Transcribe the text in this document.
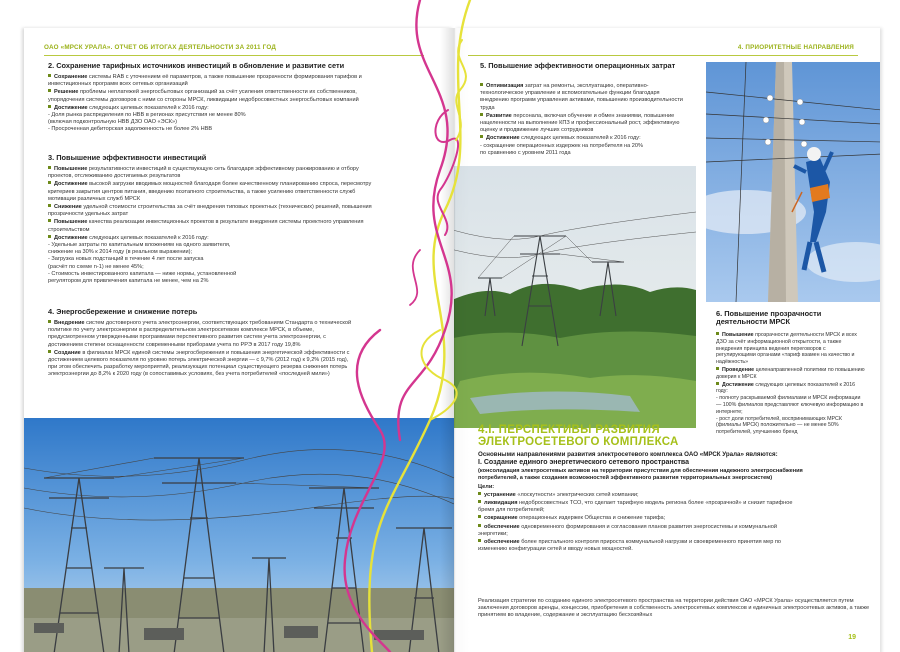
ОАО «МРСК УРАЛА». ОТЧЕТ ОБ ИТОГАХ ДЕЯТЕЛЬНОСТИ ЗА 2011 ГОД
2. Сохранение тарифных источников инвестиций в обновление и развитие сети

Сохранение системы RAB с уточнением её параметров, а также повышение прозрачности формирования тарифов и инвестиционных программ всех сетевых организаций

Решение проблемы неплатежей энергосбытовых организаций за счёт усиления ответственности их собственников, упорядочения системы договоров с ними со стороны МРСК, ликвидации недобросовестных энергосбытовых компаний

Достижение следующих целевых показателей к 2016 году:
- Доля рынка распределения по НВВ в регионах присутствия не менее 80%
(включая подконтрольную НВВ ДЗО ОАО «ЭСК»)
- Просроченная дебиторская задолженность не более 2% НВВ

3. Повышение эффективности инвестиций

Повышение результативности инвестиций в существующую сеть благодаря эффективному ранжированию и отбору проектов, отслеживанию достигаемых результатов

Достижение высокой загрузки вводимых мощностей благодаря более качественному планированию спроса, пересмотру критериев закрытия центров питания, введению поэтапного строительства, а также усилению ответственности служб мотивации различных служб МРСК

Снижение удельной стоимости строительства за счёт внедрения типовых проектных (технических) решений, повышения прозрачности удельных затрат

Повышение качества реализации инвестиционных проектов в результате внедрения системы проектного управления строительством

Достижение следующих целевых показателей к 2016 году:
- Удельные затраты по капитальным вложениям на одного заявителя,
снижение на 30% к 2014 году (в реальном выражении);
- Загрузка новых подстанций в течение 4 лет после запуска
(расчёт по схеме n-1) не менее 45%;
- Стоимость инвестированного капитала — ниже нормы, установленной
регулятором для привлечения капитала не менее, чем на 2%

4. Энергосбережение и снижение потерь

Внедрение систем достоверного учета электроэнергии, соответствующих требованиям Стандарта о технической политике по учету электроэнергии в распределительном электросетевом комплексе МРСК, в объеме, предусмотренном утвержденными программами перспективного развития систем учета электроэнергии, с достижением степени оснащенности современными приборами учета по РРЭ в 2017 году 19,8%

Создание в филиалах МРСК единой системы энергосбережения и повышения энергетической эффективности с достижением целевого показателя по уровню потерь электрической энергии — с 9,7% (2012 год) к 9,2% (2015 год), при этом обеспечить разработку мероприятий, реализующих потенциал существующего резерва снижения потерь электроэнергии до 8,2% к 2020 году (в сопоставимых условиях, без учета потребителей «последней мили»)

4. ПРИОРИТЕТНЫЕ НАПРАВЛЕНИЯ
5. Повышение эффективности операционных затрат

Оптимизация затрат на ремонты, эксплуатацию, оперативно-технологическое управление и вспомогательные функции благодаря внедрению программ управления активами, повышению производительности труда

Развитие персонала, включая обучение и обмен знаниями, повышение нацеленности на выполнение КПЗ и профессиональный рост, эффективную оценку и продвижение лучших сотрудников

Достижение следующих целевых показателей к 2016 году:
- сокращение операционных издержек на потребителя на 20%
по сравнению с уровнем 2011 года

6. Повышение прозрачности деятельности МРСК

Повышение прозрачности деятельности МРСК и всех ДЗО за счёт информационной открытости, а также внедрения принципа ведения переговоров с регулирующими органами «тариф взамен на качество и надёжность»

Проведение целенаправленной политики по повышению доверия к МРСК

Достижение следующих целевых показателей к 2016 году:
- полноту раскрываемой филиалами и МРСК информации — 100% филиалов представляют ключевую информацию в интернете;
- рост доли потребителей, воспринимающих МРСК (филиалы МРСК) положительно — не менее 50% потребителей, улучшению бренд

4.I. ПЕРСПЕКТИВЫ РАЗВИТИЯ
ЭЛЕКТРОСЕТЕВОГО КОМПЛЕКСА

Основными направлениями развития электросетевого комплекса ОАО «МРСК Урала» являются:

I. Создание единого энергетического сетевого пространства

(консолидация электросетевых активов на территории присутствия для обеспечения надежного электроснабжения потребителей, а также создания возможностей эффективного развития территориальных энергосистем)

Цели:

устранение «лоскутности» электрических сетей компании;

ликвидация недобросовестных ТСО, что сделает тарифную модель региона более «прозрачной» и снизит тарифное бремя для потребителей;

сокращение операционных издержек Общества и снижение тарифа;

обеспечение одновременного формирования и согласования планов развития энергосистемы и коммунальной энергетики;

обеспечение более пристального контроля прироста коммунальной нагрузки и своевременного принятия мер по изменению конфигурации сетей и вводу новых мощностей.

Реализация стратегии по созданию единого электросетевого пространства на территории действия ОАО «МРСК Урала» осуществляется путем заключения договоров аренды, концессии, приобретения в собственность электросетевых комплексов и единичных электросетевых активов, а также принятием во владение, содержание и эксплуатацию бесхозяйных
19
